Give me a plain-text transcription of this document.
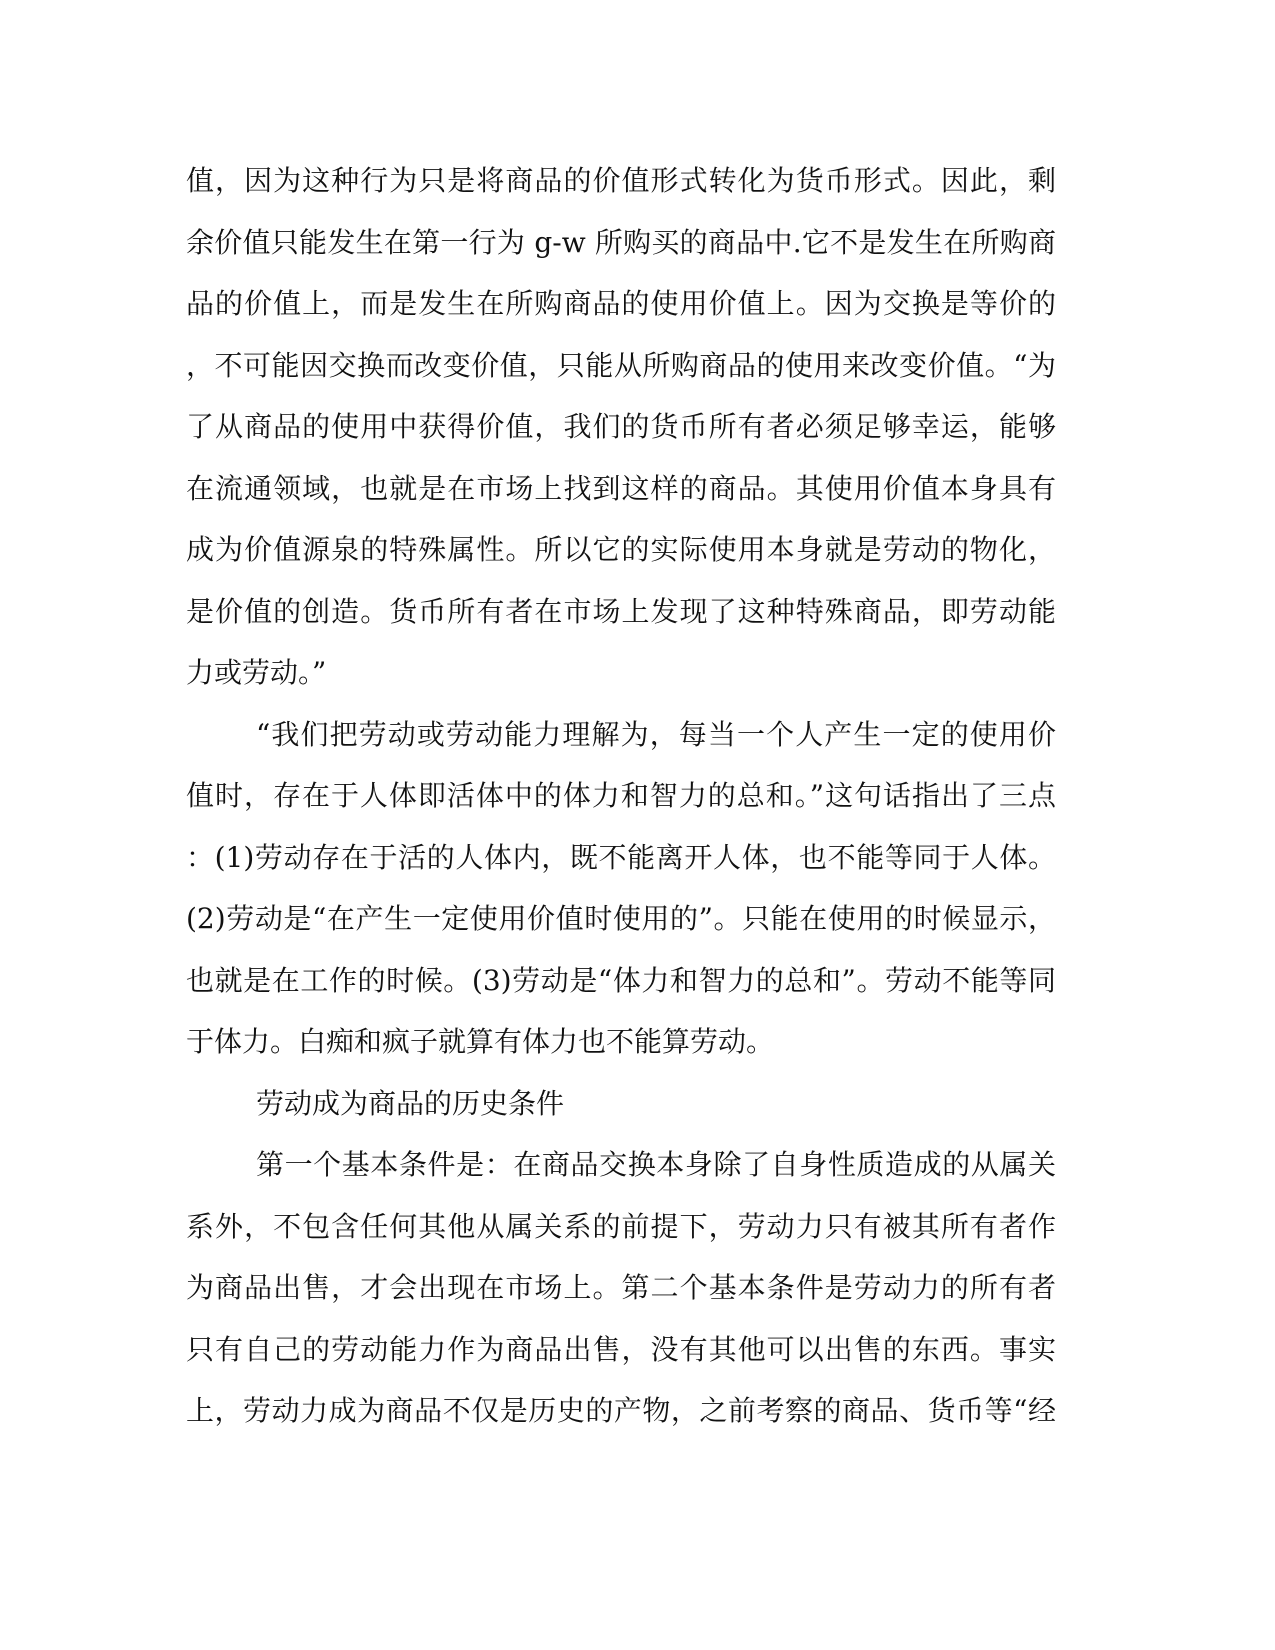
值，因为这种行为只是将商品的价值形式转化为货币形式。因此，剩
余价值只能发生在第一行为 g-w 所购买的商品中.它不是发生在所购商
品的价值上，而是发生在所购商品的使用价值上。因为交换是等价的
，不可能因交换而改变价值，只能从所购商品的使用来改变价值。“为
了从商品的使用中获得价值，我们的货币所有者必须足够幸运，能够
在流通领域，也就是在市场上找到这样的商品。其使用价值本身具有
成为价值源泉的特殊属性。所以它的实际使用本身就是劳动的物化，
是价值的创造。货币所有者在市场上发现了这种特殊商品，即劳动能
力或劳动。”
“我们把劳动或劳动能力理解为，每当一个人产生一定的使用价
值时，存在于人体即活体中的体力和智力的总和。”这句话指出了三点
：(1)劳动存在于活的人体内，既不能离开人体，也不能等同于人体。
(2)劳动是“在产生一定使用价值时使用的”。只能在使用的时候显示，
也就是在工作的时候。(3)劳动是“体力和智力的总和”。劳动不能等同
于体力。白痴和疯子就算有体力也不能算劳动。
劳动成为商品的历史条件
第一个基本条件是：在商品交换本身除了自身性质造成的从属关
系外，不包含任何其他从属关系的前提下，劳动力只有被其所有者作
为商品出售，才会出现在市场上。第二个基本条件是劳动力的所有者
只有自己的劳动能力作为商品出售，没有其他可以出售的东西。事实
上，劳动力成为商品不仅是历史的产物，之前考察的商品、货币等“经
